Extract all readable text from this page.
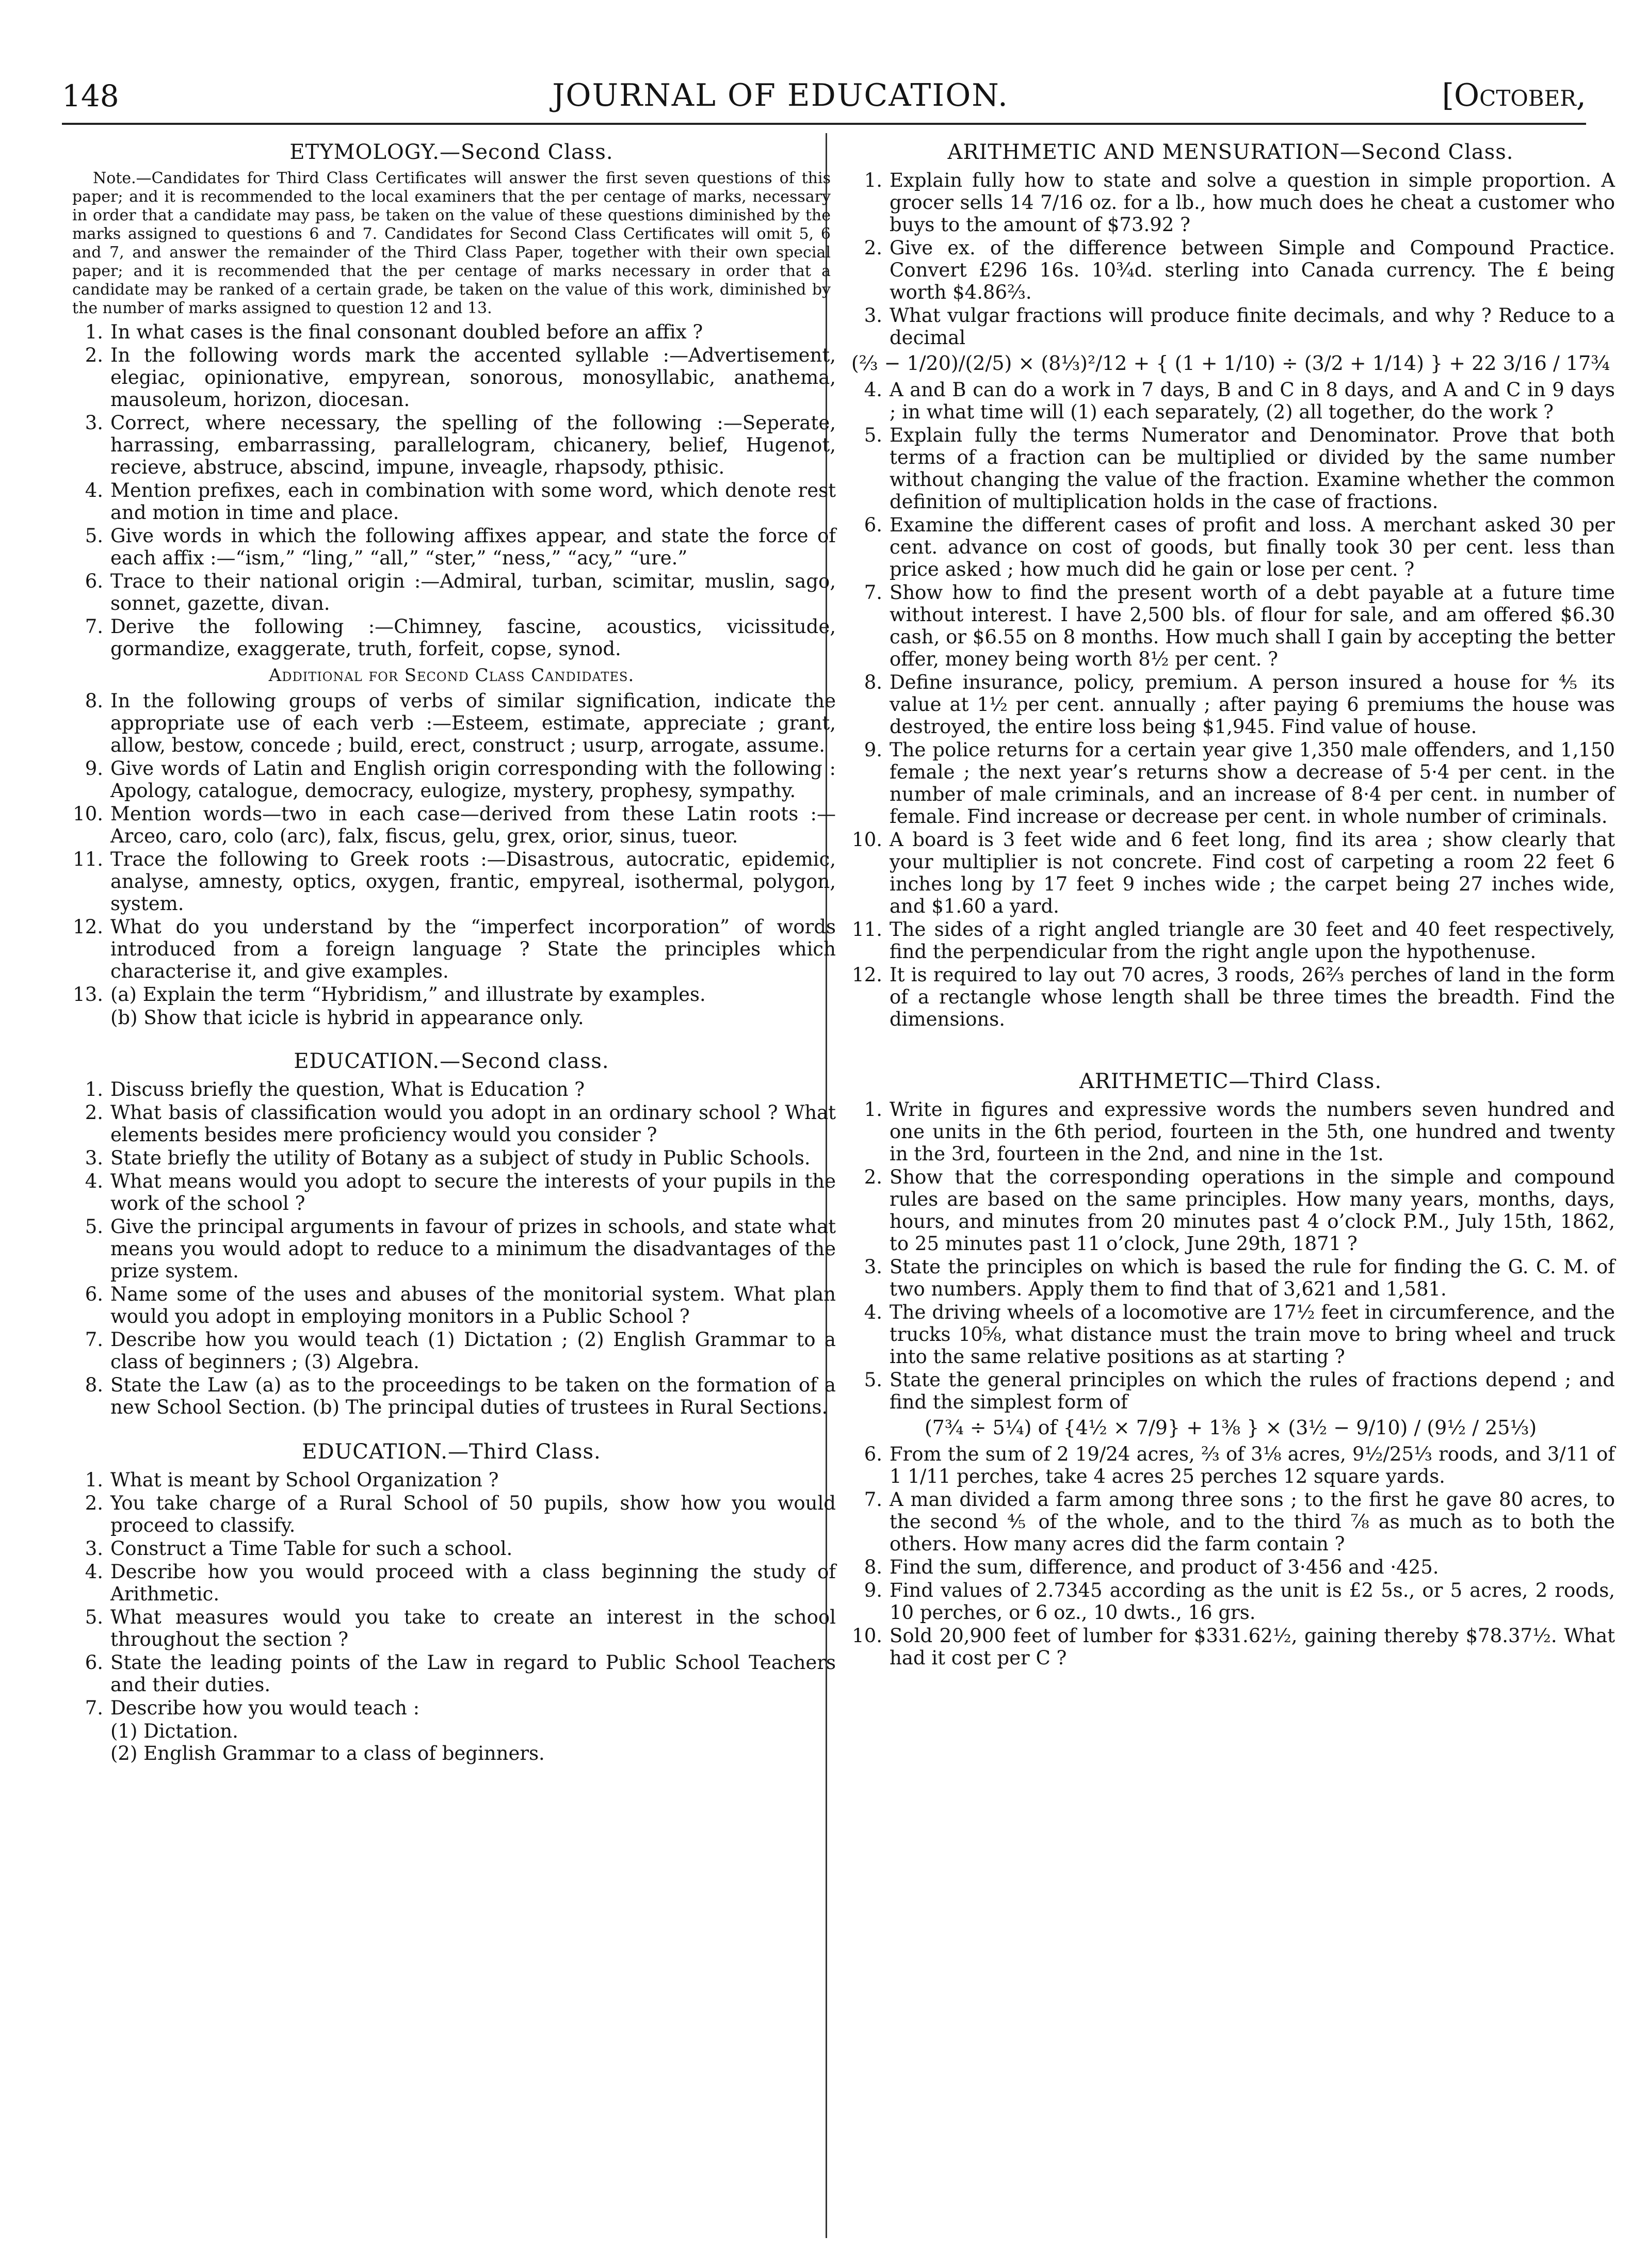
148	JOURNAL OF EDUCATION.	[October,
ETYMOLOGY.—Second Class.
Note.—Candidates for Third Class Certificates will answer the first seven questions of this paper; and it is recommended to the local examiners that the per centage of marks, necessary in order that a candidate may pass, be taken on the value of these questions diminished by the marks assigned to questions 6 and 7. Candidates for Second Class Certificates will omit 5, 6 and 7, and answer the remainder of the Third Class Paper, together with their own special paper; and it is recommended that the per centage of marks necessary in order that a candidate may be ranked of a certain grade, be taken on the value of this work, diminished by the number of marks assigned to question 12 and 13.
1. In what cases is the final consonant doubled before an affix ?
2. In the following words mark the accented syllable :—Advertisement, elegiac, opinionative, empyrean, sonorous, monosyllabic, anathema, mausoleum, horizon, diocesan.
3. Correct, where necessary, the spelling of the following :—Seperate, harrassing, embarrassing, parallelogram, chicanery, belief, Hugenot, recieve, abstruce, abscind, impune, inveagle, rhapsody, pthisic.
4. Mention prefixes, each in combination with some word, which denote rest and motion in time and place.
5. Give words in which the following affixes appear, and state the force of each affix :—“ism,” “ling,” “all,” “ster,” “ness,” “acy,” “ure.”
6. Trace to their national origin :—Admiral, turban, scimitar, muslin, sago, sonnet, gazette, divan.
7. Derive the following :—Chimney, fascine, acoustics, vicissitude, gormandize, exaggerate, truth, forfeit, copse, synod.
Additional for Second Class Candidates.
8. In the following groups of verbs of similar signification, indicate the appropriate use of each verb :—Esteem, estimate, appreciate ; grant, allow, bestow, concede ; build, erect, construct ; usurp, arrogate, assume.
9. Give words of Latin and English origin corresponding with the following : Apology, catalogue, democracy, eulogize, mystery, prophesy, sympathy.
10. Mention words—two in each case—derived from these Latin roots :—Arceo, caro, colo (arc), falx, fiscus, gelu, grex, orior, sinus, tueor.
11. Trace the following to Greek roots :—Disastrous, autocratic, epidemic, analyse, amnesty, optics, oxygen, frantic, empyreal, isothermal, polygon, system.
12. What do you understand by the “imperfect incorporation” of words introduced from a foreign language ? State the principles which characterise it, and give examples.
13. (a) Explain the term “Hybridism,” and illustrate by examples.
(b) Show that icicle is hybrid in appearance only.
EDUCATION.—Second class.
1. Discuss briefly the question, What is Education ?
2. What basis of classification would you adopt in an ordinary school ? What elements besides mere proficiency would you consider ?
3. State briefly the utility of Botany as a subject of study in Public Schools.
4. What means would you adopt to secure the interests of your pupils in the work of the school ?
5. Give the principal arguments in favour of prizes in schools, and state what means you would adopt to reduce to a minimum the disadvantages of the prize system.
6. Name some of the uses and abuses of the monitorial system. What plan would you adopt in employing monitors in a Public School ?
7. Describe how you would teach (1) Dictation ; (2) English Grammar to a class of beginners ; (3) Algebra.
8. State the Law (a) as to the proceedings to be taken on the formation of a new School Section. (b) The principal duties of trustees in Rural Sections.
EDUCATION.—Third Class.
1. What is meant by School Organization ?
2. You take charge of a Rural School of 50 pupils, show how you would proceed to classify.
3. Construct a Time Table for such a school.
4. Describe how you would proceed with a class beginning the study of Arithmetic.
5. What measures would you take to create an interest in the school throughout the section ?
6. State the leading points of the Law in regard to Public School Teachers and their duties.
7. Describe how you would teach :
(1) Dictation.
(2) English Grammar to a class of beginners.
ARITHMETIC AND MENSURATION—Second Class.
1. Explain fully how to state and solve a question in simple proportion. A grocer sells 14 7/16 oz. for a lb., how much does he cheat a customer who buys to the amount of $73.92 ?
2. Give ex. of the difference between Simple and Compound Practice. Convert £296 16s. 10¾d. sterling into Canada currency. The £ being worth $4.86⅔.
3. What vulgar fractions will produce finite decimals, and why ? Reduce to a decimal
(⅔ − 1/20)/(2/5) × (8⅓)²/12 + { (1 + 1/10) ÷ (3/2 + 1/14) } + 22 3/16 / 17¾
4. A and B can do a work in 7 days, B and C in 8 days, and A and C in 9 days ; in what time will (1) each separately, (2) all together, do the work ?
5. Explain fully the terms Numerator and Denominator. Prove that both terms of a fraction can be multiplied or divided by the same number without changing the value of the fraction. Examine whether the common definition of multiplication holds in the case of fractions.
6. Examine the different cases of profit and loss. A merchant asked 30 per cent. advance on cost of goods, but finally took 30 per cent. less than price asked ; how much did he gain or lose per cent. ?
7. Show how to find the present worth of a debt payable at a future time without interest. I have 2,500 bls. of flour for sale, and am offered $6.30 cash, or $6.55 on 8 months. How much shall I gain by accepting the better offer, money being worth 8½ per cent. ?
8. Define insurance, policy, premium. A person insured a house for ⅘ its value at 1½ per cent. annually ; after paying 6 premiums the house was destroyed, the entire loss being $1,945. Find value of house.
9. The police returns for a certain year give 1,350 male offenders, and 1,150 female ; the next year’s returns show a decrease of 5·4 per cent. in the number of male criminals, and an increase of 8·4 per cent. in number of female. Find increase or decrease per cent. in whole number of criminals.
10. A board is 3 feet wide and 6 feet long, find its area ; show clearly that your multiplier is not concrete. Find cost of carpeting a room 22 feet 6 inches long by 17 feet 9 inches wide ; the carpet being 27 inches wide, and $1.60 a yard.
11. The sides of a right angled triangle are 30 feet and 40 feet respectively, find the perpendicular from the right angle upon the hypothenuse.
12. It is required to lay out 70 acres, 3 roods, 26⅔ perches of land in the form of a rectangle whose length shall be three times the breadth. Find the dimensions.
ARITHMETIC—Third Class.
1. Write in figures and expressive words the numbers seven hundred and one units in the 6th period, fourteen in the 5th, one hundred and twenty in the 3rd, fourteen in the 2nd, and nine in the 1st.
2. Show that the corresponding operations in the simple and compound rules are based on the same principles. How many years, months, days, hours, and minutes from 20 minutes past 4 o’clock P.M., July 15th, 1862, to 25 minutes past 11 o’clock, June 29th, 1871 ?
3. State the principles on which is based the rule for finding the G. C. M. of two numbers. Apply them to find that of 3,621 and 1,581.
4. The driving wheels of a locomotive are 17½ feet in circumference, and the trucks 10⅝, what distance must the train move to bring wheel and truck into the same relative positions as at starting ?
5. State the general principles on which the rules of fractions depend ; and find the simplest form of
(7¾ ÷ 5¼) of {4½ × 7/9} + 1⅜ } × (3½ − 9/10) / (9½ / 25⅓)
6. From the sum of 2 19/24 acres, ⅔ of 3⅛ acres, 9½/25⅓ roods, and 3/11 of 1 1/11 perches, take 4 acres 25 perches 12 square yards.
7. A man divided a farm among three sons ; to the first he gave 80 acres, to the second ⅘ of the whole, and to the third ⅞ as much as to both the others. How many acres did the farm contain ?
8. Find the sum, difference, and product of 3·456 and ·425.
9. Find values of 2.7345 according as the unit is £2 5s., or 5 acres, 2 roods, 10 perches, or 6 oz., 10 dwts., 16 grs.
10. Sold 20,900 feet of lumber for $331.62½, gaining thereby $78.37½. What had it cost per C ?
